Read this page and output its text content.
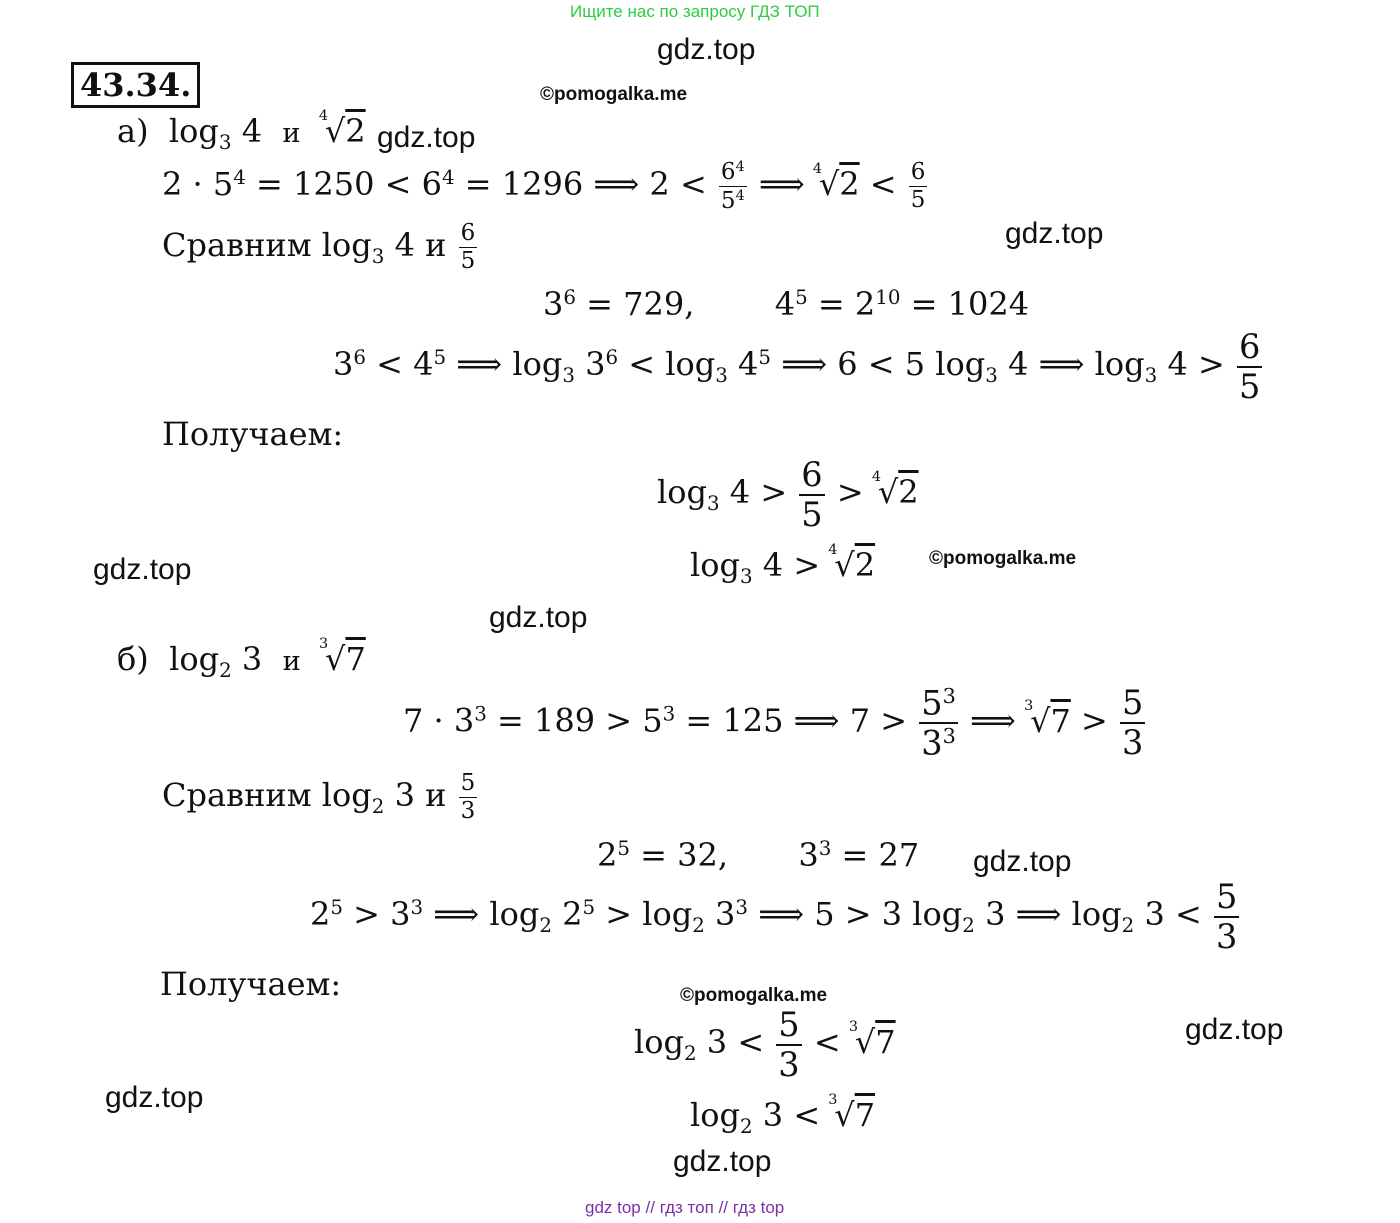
Ищите нас по запросу ГДЗ ТОП
gdz.top
©pomogalka.me
gdz.top
gdz.top
gdz.top	©pomogalka.me
gdz.top
gdz.top
©pomogalka.me
gdz.top
gdz.top
gdz.top
43.34.
а)  $\log_3 4$ и
4
√2
$2 \cdot 5^4 = 1250 < 6^4 = 1296$ ⟹ $2 < \frac{6^4}{5^4}$ ⟹ 4
$√2 < \frac{6}{5}$
Сравним $\log_3 4$ и $\frac{6}{5}$
$3^6 = 729$,	$4^5 = 2^{10} = 1024$
$3^6 < 4^5$ ⟹ $\log_3 3^6 < \log_3 4^5$ ⟹ 6 < 5 $\log_3 4$ ⟹ $\log_3 4 > \frac{6}{5}$
Получаем:
$\log_3 4 > \frac{6}{5} > 4$
√2
$\log_3 4 > 4$
√2
б)  $\log_2 3$ и
3
√7
$7 \cdot 3^3 = 189 > 5^3 = 125$ ⟹ $7 > \frac{5^3}{3^3}$ ⟹ 3
$√7 > \frac{5}{3}$
Сравним $\log_2 3$ и $\frac{5}{3}$
$2^5 = 32$, $3^3 = 27$
$2^5 > 3^3$ ⟹ $\log_2 2^5 > \log_2 3^3$ ⟹ 5 > 3 $\log_2 3$ ⟹ $\log_2 3 < \frac{5}{3}$
Получаем:
$\log_2 3 < \frac{5}{3} < 3$
√7
$\log_2 3 < 3$
√7
gdz top // гдз топ // гдз top
